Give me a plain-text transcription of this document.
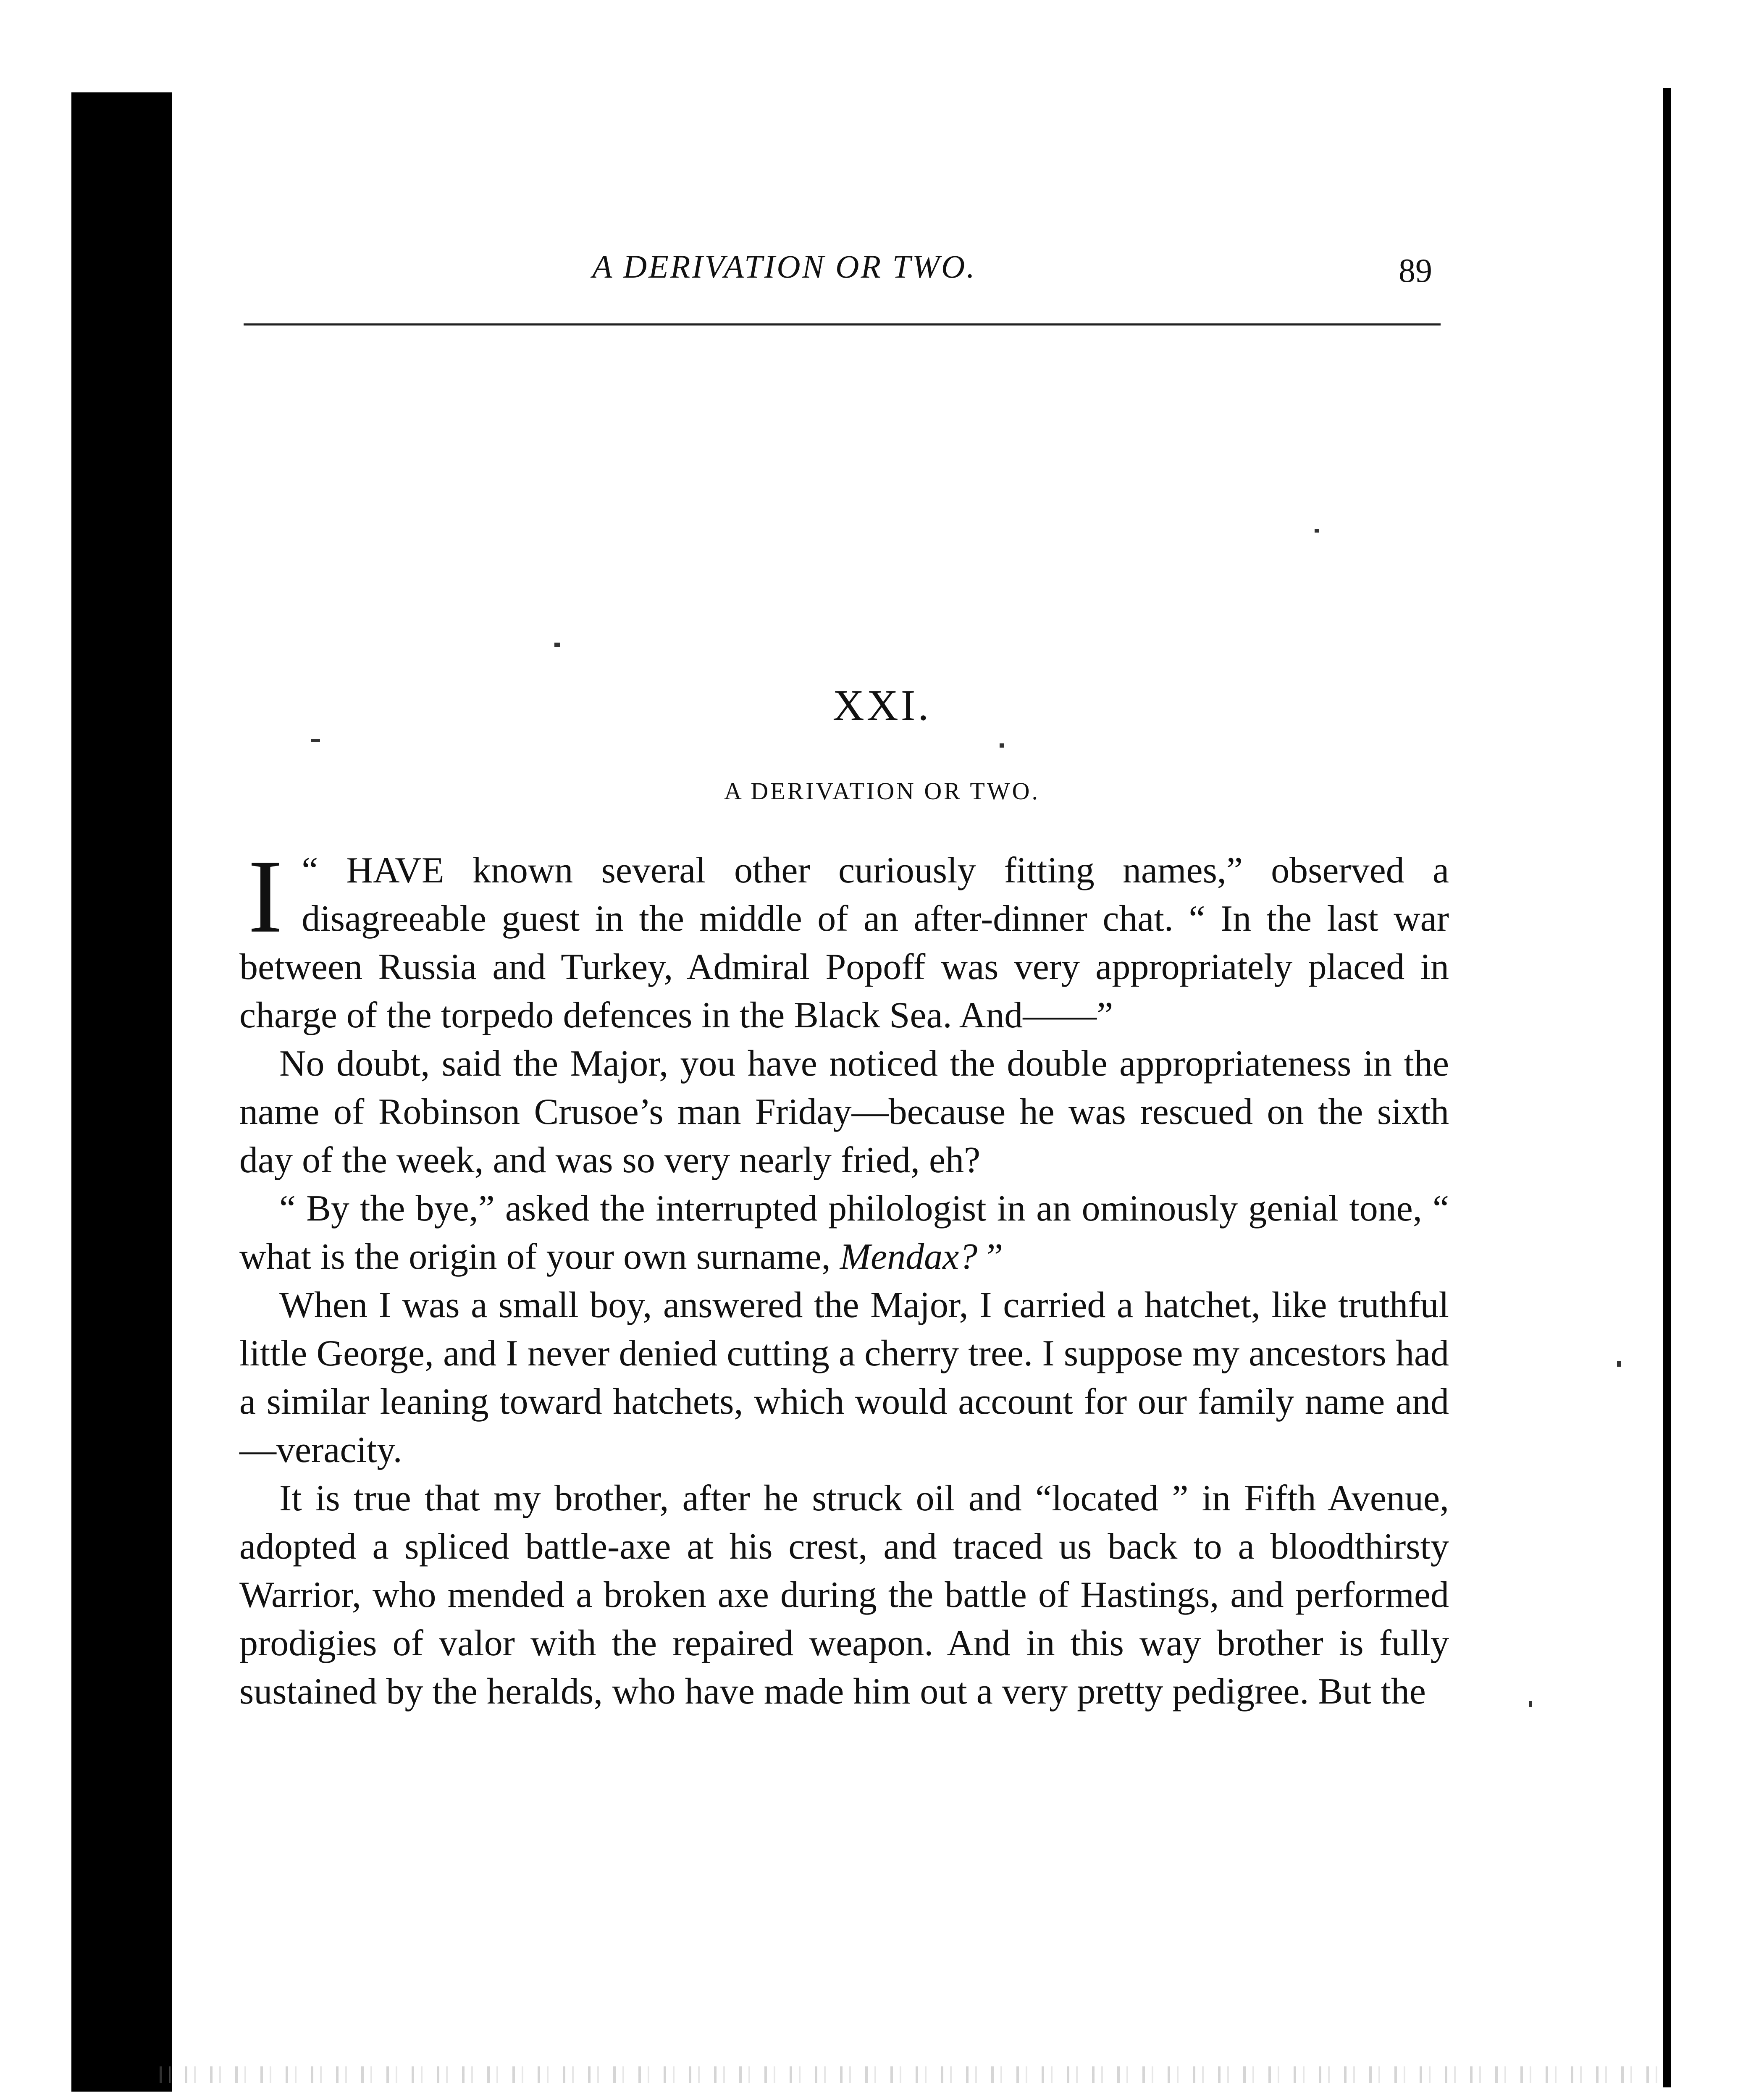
A DERIVATION OR TWO.	89
XXI.
A DERIVATION OR TWO.

“
I HAVE known several other curiously fitting names,” observed a disagreeable guest in the middle of an after-dinner chat. “ In the last war between Russia and Turkey, Admiral Popoff was very appropriately placed in charge of the torpedo defences in the Black Sea. And——”

No doubt, said the Major, you have noticed the double appropriateness in the name of Robinson Crusoe’s man Friday—because he was rescued on the sixth day of the week, and was so very nearly fried, eh?

“ By the bye,” asked the interrupted philologist in an ominously genial tone, “ what is the origin of your own surname, Mendax? ”

When I was a small boy, answered the Major, I carried a hatchet, like truthful little George, and I never denied cutting a cherry tree. I suppose my ancestors had a similar leaning toward hatchets, which would account for our family name and—veracity.

It is true that my brother, after he struck oil and “located ” in Fifth Avenue, adopted a spliced battle-axe at his crest, and traced us back to a bloodthirsty Warrior, who mended a broken axe during the battle of Hastings, and performed prodigies of valor with the repaired weapon. And in this way brother is fully sustained by the heralds, who have made him out a very pretty pedigree. But the
